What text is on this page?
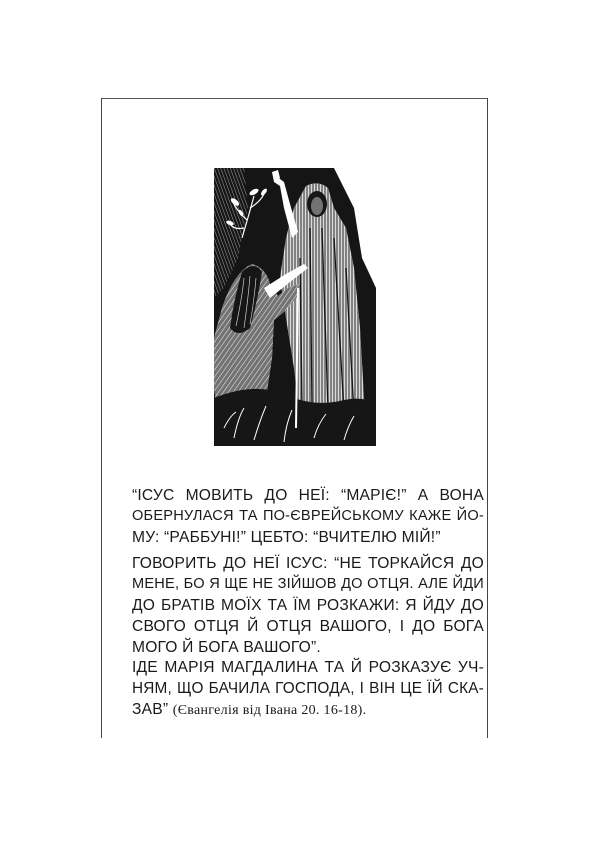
“ІСУС МОВИТЬ ДО НЕЇ: “МАРІЄ!” А ВОНА
ОБЕРНУЛАСЯ ТА ПО-ЄВРЕЙСЬКОМУ КАЖЕ ЙО-
МУ: “РАББУНІ!” ЦЕБТО: “ВЧИТЕЛЮ МІЙ!”
ГОВОРИТЬ ДО НЕЇ ІСУС: “НЕ ТОРКАЙСЯ ДО
МЕНЕ, БО Я ЩЕ НЕ ЗІЙШОВ ДО ОТЦЯ. АЛЕ ЙДИ
ДО БРАТІВ МОЇХ ТА ЇМ РОЗКАЖИ: Я ЙДУ ДО
СВОГО ОТЦЯ Й ОТЦЯ ВАШОГО, І ДО БОГА
МОГО Й БОГА ВАШОГО”.
ІДЕ МАРІЯ МАГДАЛИНА ТА Й РОЗКАЗУЄ УЧ-
НЯМ, ЩО БАЧИЛА ГОСПОДА, І ВІН ЦЕ ЇЙ СКА-
ЗАВ” (Євангелія від Івана 20. 16-18).
